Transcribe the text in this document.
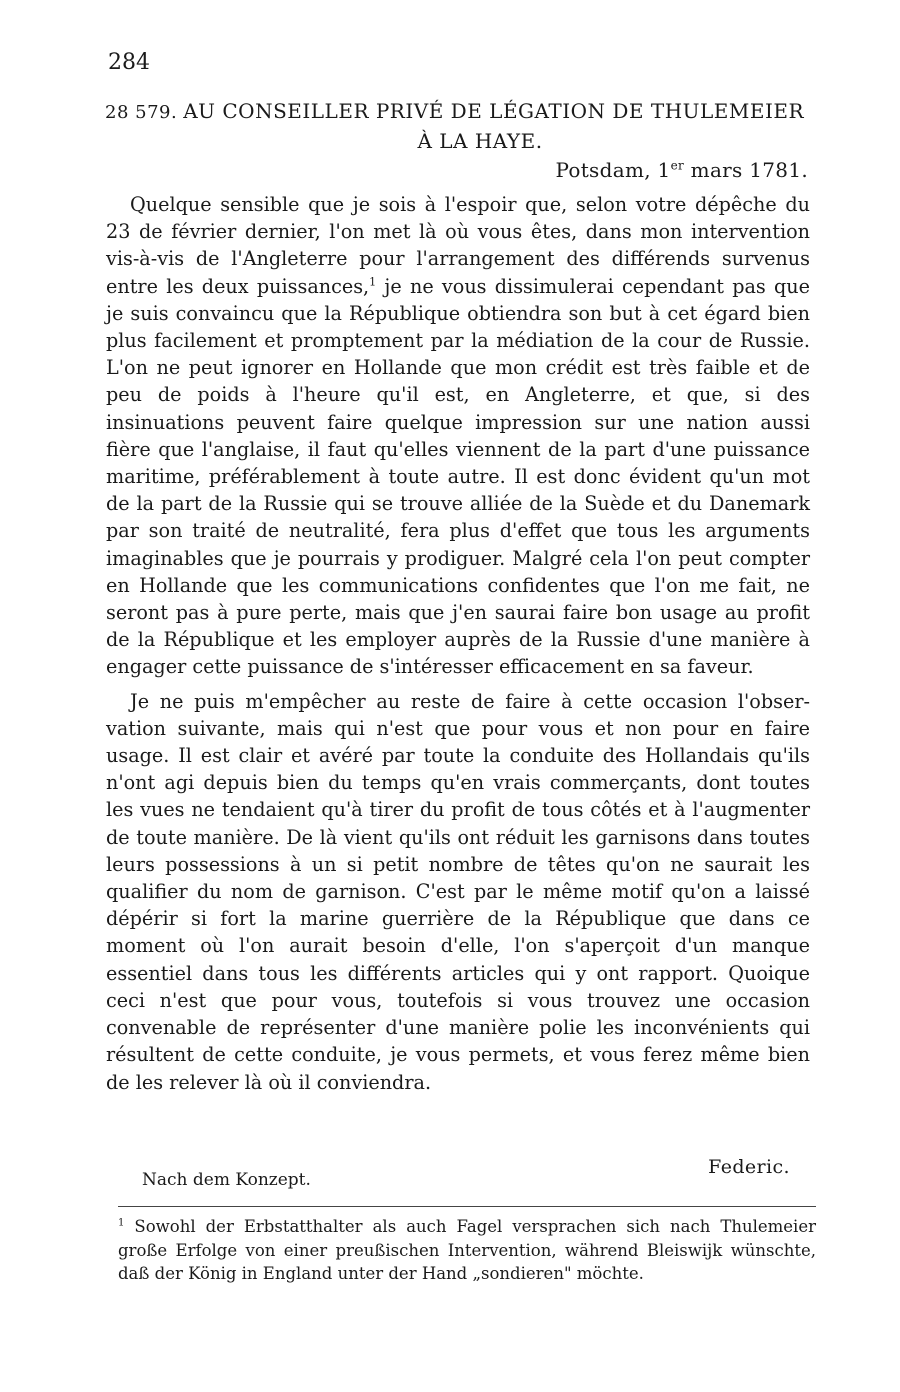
284
28 579. AU CONSEILLER PRIVÉ DE LÉGATION DE THULEMEIER
À LA HAYE.
Potsdam, 1er mars 1781.

Quelque sensible que je sois à l'espoir que, selon votre dépêche du 23 de février dernier, l'on met là où vous êtes, dans mon intervention vis-à-vis de l'Angleterre pour l'arrangement des différends survenus entre les deux puissances,$^1$ je ne vous dissimulerai cependant pas que je suis convaincu que la République obtiendra son but à cet égard bien plus facilement et promptement par la médiation de la cour de Russie. L'on ne peut ignorer en Hollande que mon crédit est très faible et de peu de poids à l'heure qu'il est, en Angleterre, et que, si des insinuations peuvent faire quelque impression sur une nation aussi fière que l'anglaise, il faut qu'elles viennent de la part d'une puissance maritime, préférablement à toute autre. Il est donc évident qu'un mot de la part de la Russie qui se trouve alliée de la Suède et du Danemark par son traité de neutralité, fera plus d'effet que tous les arguments imaginables que je pourrais y prodiguer. Malgré cela l'on peut compter en Hollande que les communications confidentes que l'on me fait, ne seront pas à pure perte, mais que j'en saurai faire bon usage au profit de la République et les employer auprès de la Russie d'une manière à engager cette puissance de s'intéresser efficacement en sa faveur.

Je ne puis m'empêcher au reste de faire à cette occasion l'observation suivante, mais qui n'est que pour vous et non pour en faire usage. Il est clair et avéré par toute la conduite des Hollandais qu'ils n'ont agi depuis bien du temps qu'en vrais commerçants, dont toutes les vues ne tendaient qu'à tirer du profit de tous côtés et à l'augmenter de toute manière. De là vient qu'ils ont réduit les garnisons dans toutes leurs possessions à un si petit nombre de têtes qu'on ne saurait les qualifier du nom de garnison. C'est par le même motif qu'on a laissé dépérir si fort la marine guerrière de la République que dans ce moment où l'on aurait besoin d'elle, l'on s'aperçoit d'un manque essentiel dans tous les différents articles qui y ont rapport. Quoique ceci n'est que pour vous, toutefois si vous trouvez une occasion convenable de représenter d'une manière polie les inconvénients qui résultent de cette conduite, je vous permets, et vous ferez même bien de les relever là où il conviendra.

Nach dem Konzept.
Federic.
$^1$ Sowohl der Erbstatthalter als auch Fagel versprachen sich nach Thulemeier große Erfolge von einer preußischen Intervention, während Bleiswijk wünschte, daß der König in England unter der Hand „sondieren" möchte.
